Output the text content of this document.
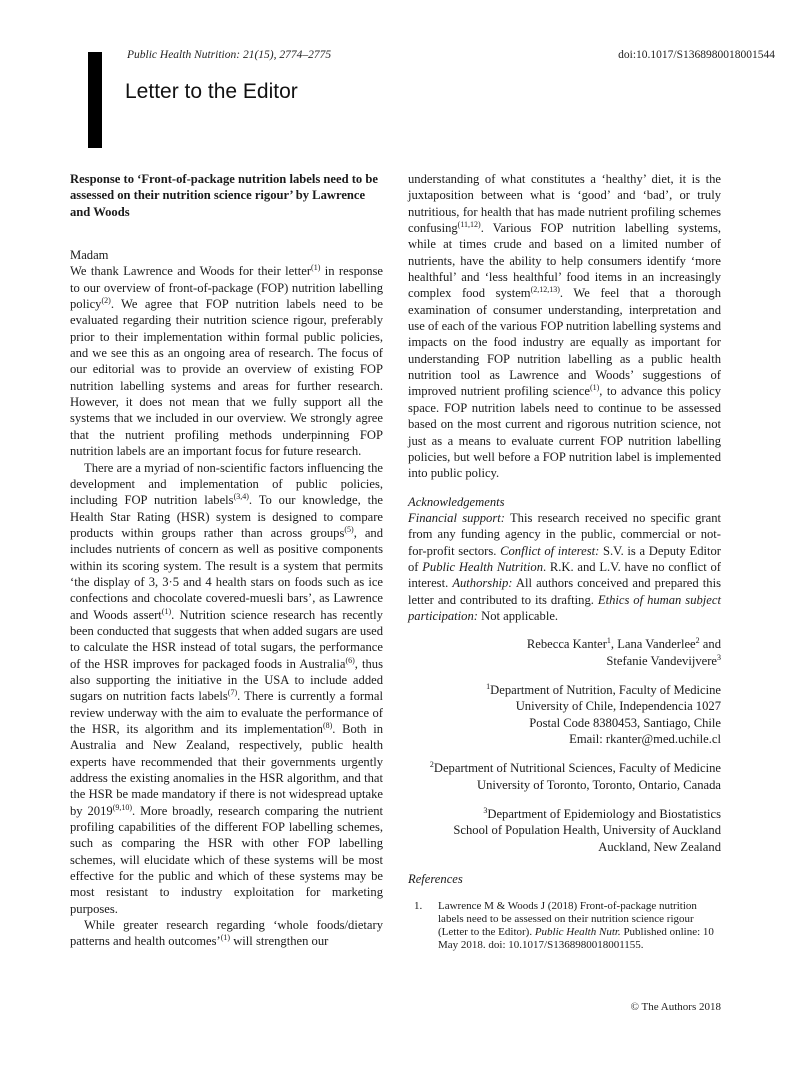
Public Health Nutrition: 21(15), 2774–2775	doi:10.1017/S1368980018001544
Letter to the Editor

Response to ‘Front-of-package nutrition labels need to be assessed on their nutrition science rigour’ by Lawrence and Woods

Madam

We thank Lawrence and Woods for their letter$^{(1)}$ in response to our overview of front-of-package (FOP) nutrition labelling policy$^{(2)}$. We agree that FOP nutrition labels need to be evaluated regarding their nutrition science rigour, preferably prior to their implementation within formal public policies, and we see this as an ongoing area of research. The focus of our editorial was to provide an overview of existing FOP nutrition labelling systems and areas for further research. However, it does not mean that we fully support all the systems that we included in our overview. We strongly agree that the nutrient profiling methods underpinning FOP nutrition labels are an important focus for future research.

There are a myriad of non-scientific factors influencing the development and implementation of public policies, including FOP nutrition labels$^{(3,4)}$. To our knowledge, the Health Star Rating (HSR) system is designed to compare products within groups rather than across groups$^{(5)}$, and includes nutrients of concern as well as positive components within its scoring system. The result is a system that permits ‘the display of 3, 3·5 and 4 health stars on foods such as ice confections and chocolate covered-muesli bars’, as Lawrence and Woods assert$^{(1)}$. Nutrition science research has recently been conducted that suggests that when added sugars are used to calculate the HSR instead of total sugars, the performance of the HSR improves for packaged foods in Australia$^{(6)}$, thus also supporting the initiative in the USA to include added sugars on nutrition facts labels$^{(7)}$. There is currently a formal review underway with the aim to evaluate the performance of the HSR, its algorithm and its implementation$^{(8)}$. Both in Australia and New Zealand, respectively, public health experts have recommended that their governments urgently address the existing anomalies in the HSR algorithm, and that the HSR be made mandatory if there is not widespread uptake by 2019$^{(9,10)}$. More broadly, research comparing the nutrient profiling capabilities of the different FOP labelling schemes, such as comparing the HSR with other FOP labelling schemes, will elucidate which of these systems will be most effective for the public and which of these systems may be most resistant to industry exploitation for marketing purposes.

While greater research regarding ‘whole foods/dietary patterns and health outcomes’$^{(1)}$ will strengthen our

understanding of what constitutes a ‘healthy’ diet, it is the juxtaposition between what is ‘good’ and ‘bad’, or truly nutritious, for health that has made nutrient profiling schemes confusing$^{(11,12)}$. Various FOP nutrition labelling systems, while at times crude and based on a limited number of nutrients, have the ability to help consumers identify ‘more healthful’ and ‘less healthful’ food items in an increasingly complex food system$^{(2,12,13)}$. We feel that a thorough examination of consumer understanding, interpretation and use of each of the various FOP nutrition labelling systems and impacts on the food industry are equally as important for understanding FOP nutrition labelling as a public health nutrition tool as Lawrence and Woods’ suggestions of improved nutrient profiling science$^{(1)}$, to advance this policy space. FOP nutrition labels need to continue to be assessed based on the most current and rigorous nutrition science, not just as a means to evaluate current FOP nutrition labelling policies, but well before a FOP nutrition label is implemented into public policy.

Acknowledgements

Financial support: This research received no specific grant from any funding agency in the public, commercial or not-for-profit sectors. Conflict of interest: S.V. is a Deputy Editor of Public Health Nutrition. R.K. and L.V. have no conflict of interest. Authorship: All authors conceived and prepared this letter and contributed to its drafting. Ethics of human subject participation: Not applicable.

Rebecca Kanter$^1$, Lana Vanderlee$^2$ and
Stefanie Vandevijvere$^3$

$^1$Department of Nutrition, Faculty of Medicine
University of Chile, Independencia 1027
Postal Code 8380453, Santiago, Chile
Email: rkanter@med.uchile.cl

$^2$Department of Nutritional Sciences, Faculty of Medicine
University of Toronto, Toronto, Ontario, Canada

$^3$Department of Epidemiology and Biostatistics
School of Population Health, University of Auckland
Auckland, New Zealand

References

1.	Lawrence M & Woods J (2018) Front-of-package nutrition labels need to be assessed on their nutrition science rigour (Letter to the Editor). Public Health Nutr. Published online: 10 May 2018. doi: 10.1017/S1368980018001155.
© The Authors 2018
